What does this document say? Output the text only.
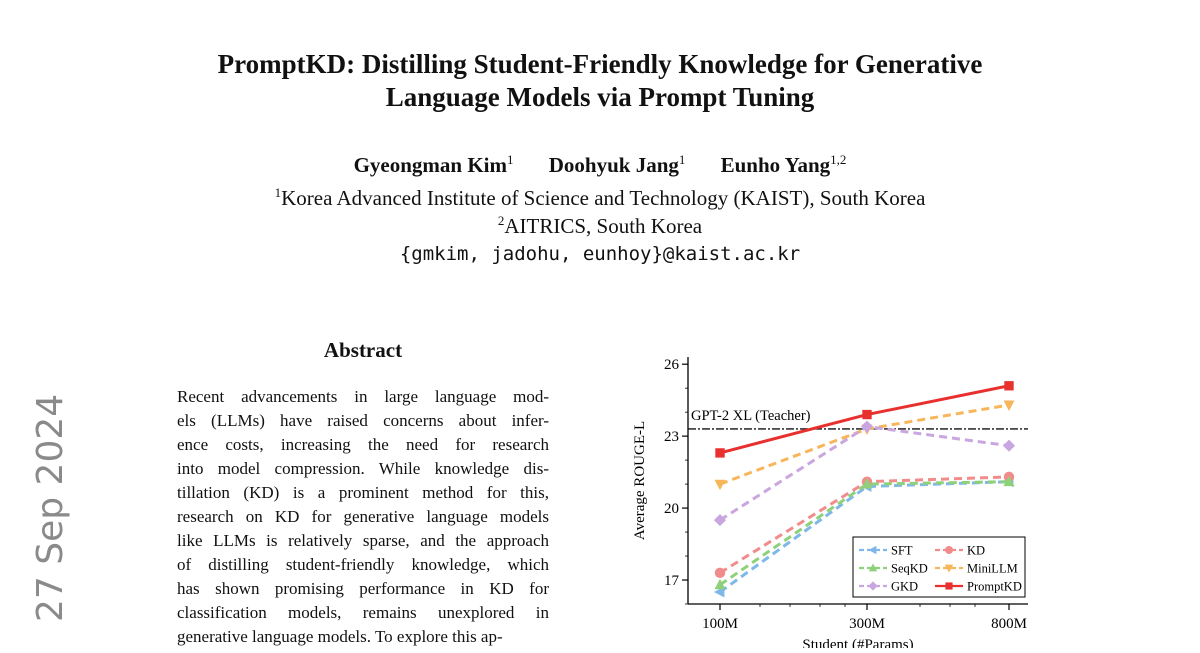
PromptKD: Distilling Student-Friendly Knowledge for Generative
Language Models via Prompt Tuning
Gyeongman Kim$^1$ Doohyuk Jang$^1$ Eunho Yang$^{1,2}$
$^1$Korea Advanced Institute of Science and Technology (KAIST), South Korea
$^2$AITRICS, South Korea
{gmkim, jadohu, eunhoy}@kaist.ac.kr
27 Sep 2024
Abstract
Recent advancements in large language mod-
els (LLMs) have raised concerns about infer-
ence costs, increasing the need for research
into model compression. While knowledge dis-
tillation (KD) is a prominent method for this,
research on KD for generative language models
like LLMs is relatively sparse, and the approach
of distilling student-friendly knowledge, which
has shown promising performance in KD for
classification models, remains unexplored in
generative language models. To explore this ap-
17
20
23
26
100M	300M	800M
Average ROUGE-L
Student (#Params)
GPT-2 XL (Teacher)
SFT	KD
SeqKD	MiniLLM
GKD	PromptKD
